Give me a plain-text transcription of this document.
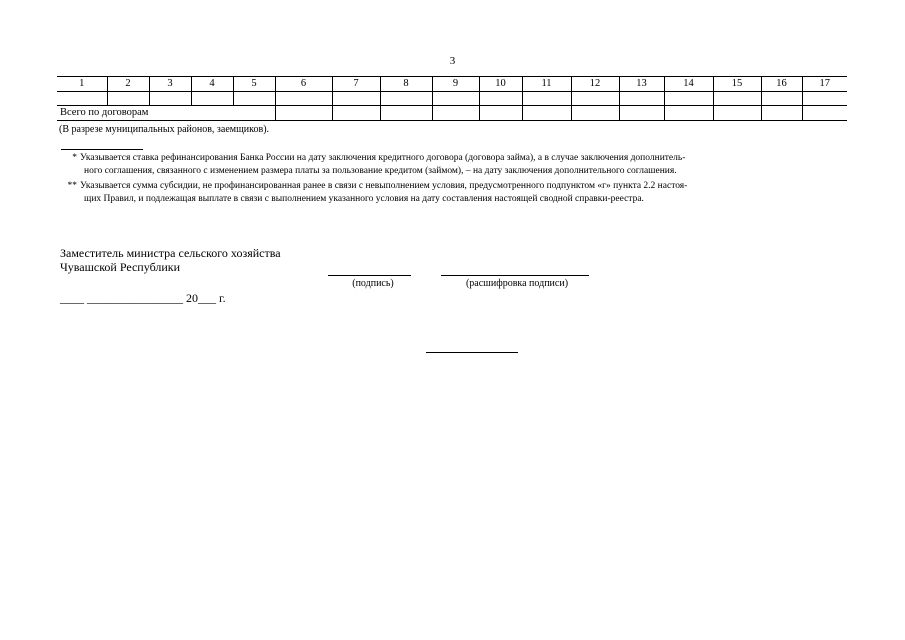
3
1	2	3	4	5	6	7	8	9	10	11	12	13	14	15	16	17

Всего по договорам																
(В разрезе муниципальных районов, заемщиков).
* Указывается ставка рефинансирования Банка России на дату заключения кредитного договора (договора займа), а в случае заключения дополнитель-
ного соглашения, связанного с изменением размера платы за пользование кредитом (займом), – на дату заключения дополнительного соглашения.
** Указывается сумма субсидии, не профинансированная ранее в связи с невыполнением условия, предусмотренного подпунктом «г» пункта 2.2 настоя-
щих Правил, и подлежащая выплате в связи с выполнением указанного условия на дату составления настоящей сводной справки-реестра.
Заместитель министра сельского хозяйства
Чувашской Республики
(подпись)	(расшифровка подписи)
____ ________________ 20___ г.
